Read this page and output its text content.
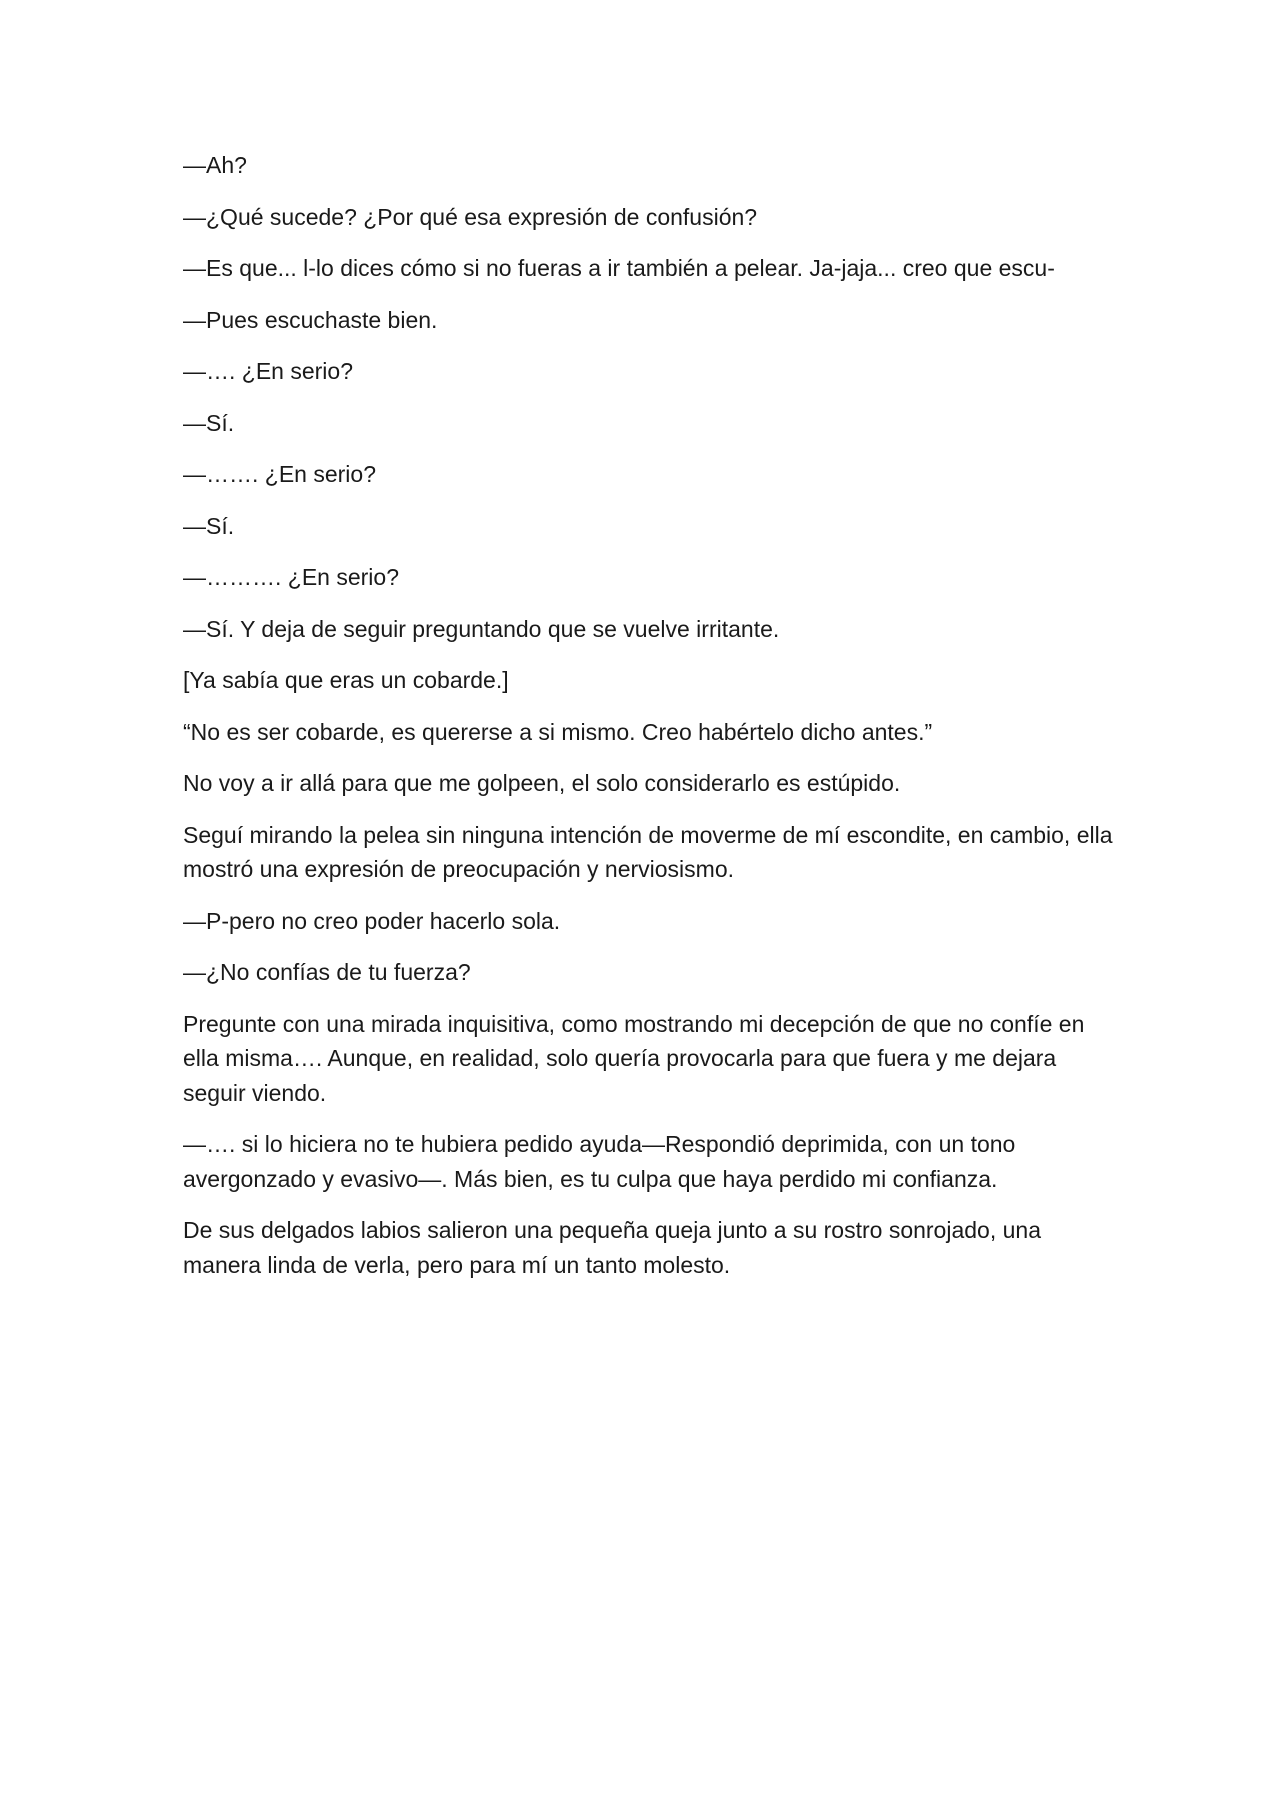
—Ah?

—¿Qué sucede? ¿Por qué esa expresión de confusión?

—Es que... l-lo dices cómo si no fueras a ir también a pelear. Ja-jaja... creo que escu-

—Pues escuchaste bien.

—…. ¿En serio?

—Sí.

—……. ¿En serio?

—Sí.

—………. ¿En serio?

—Sí. Y deja de seguir preguntando que se vuelve irritante.

[Ya sabía que eras un cobarde.]

“No es ser cobarde, es quererse a si mismo. Creo habértelo dicho antes.”

No voy a ir allá para que me golpeen, el solo considerarlo es estúpido.

Seguí mirando la pelea sin ninguna intención de moverme de mí escondite, en cambio, ella mostró una expresión de preocupación y nerviosismo.

—P-pero no creo poder hacerlo sola.

—¿No confías de tu fuerza?

Pregunte con una mirada inquisitiva, como mostrando mi decepción de que no confíe en ella misma…. Aunque, en realidad, solo quería provocarla para que fuera y me dejara seguir viendo.

—…. si lo hiciera no te hubiera pedido ayuda—Respondió deprimida, con un tono avergonzado y evasivo—. Más bien, es tu culpa que haya perdido mi confianza.

De sus delgados labios salieron una pequeña queja junto a su rostro sonrojado, una manera linda de verla, pero para mí un tanto molesto.
